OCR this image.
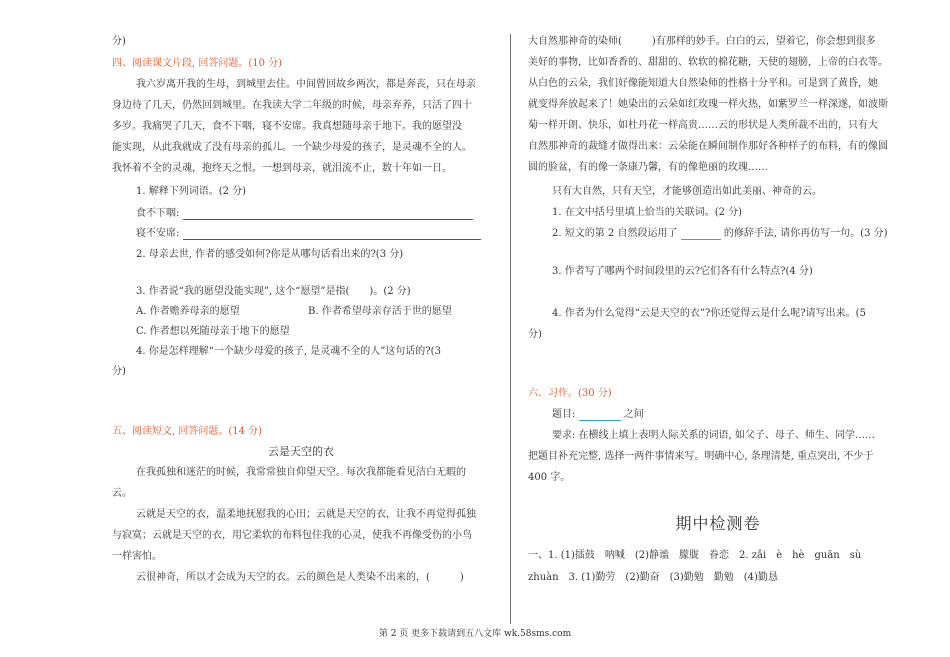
分)
四、阅读课文片段, 回答问题。(10 分)
我六岁离开我的生母，到城里去住。中间曾回故乡两次，都是奔丧，只在母亲
身边待了几天，仍然回到城里。在我读大学二年级的时候，母亲弃养，只活了四十
多岁。我痛哭了几天，食不下咽，寝不安席。我真想随母亲于地下。我的愿望没
能实现，从此我就成了没有母亲的孤儿。一个缺少母爱的孩子，是灵魂不全的人。
我怀着不全的灵魂，抱终天之恨。一想到母亲，就泪流不止，数十年如一日。
1. 解释下列词语。(2 分)
食不下咽:
寝不安席:
2. 母亲去世, 作者的感受如何?你是从哪句话看出来的?(3 分)
3. 作者说“我的愿望没能实现”, 这个“愿望”是指(　　)。(2 分)
A. 作者赡养母亲的愿望	B. 作者希望母亲存活于世的愿望
C. 作者想以死随母亲于地下的愿望
4. 你是怎样理解“一个缺少母爱的孩子, 是灵魂不全的人”这句话的?(3
分)
五、阅读短文, 回答问题。(14 分)
云是天空的衣
在我孤独和迷茫的时候，我常常独自仰望天空。每次我都能看见洁白无暇的
云。
云就是天空的衣，温柔地抚慰我的心田；云就是天空的衣，让我不再觉得孤独
与寂寞；云就是天空的衣，用它柔软的布料包住我的心灵，使我不再像受伤的小鸟
一样害怕。
云很神奇，所以才会成为天空的衣。云的颜色是人类染不出来的，(　　　)
大自然那神奇的染师(　　　)有那样的妙手。白白的云，望着它，你会想到很多
美好的事物，比如香香的、甜甜的、软软的棉花糖，天使的翅膀，上帝的白衣等。
从白色的云朵，我们好像能知道大自然染师的性格十分平和。可是到了黄昏，她
就变得奔放起来了！她染出的云朵如红玫瑰一样火热，如紫罗兰一样深遂，如波斯
菊一样开朗、快乐，如杜丹花一样高贵……云的形状是人类所裁不出的，只有大
自然那神奇的裁缝才做得出来：云朵能在瞬间制作那好各种样子的布料，有的像圆
圆的脸盆，有的像一条康乃馨，有的像艳丽的玫瑰……
只有大自然，只有天空，才能够创造出如此美丽、神奇的云。
1. 在文中括号里填上恰当的关联词。(2 分)
2. 短文的第 2 自然段运用了	的修辞手法, 请你再仿写一句。(3 分)
3. 作者写了哪两个时间段里的云?它们各有什么特点?(4 分)
4. 作者为什么觉得“云是天空的衣”?你还觉得云是什么呢?请写出来。(5
分)
六、习作。(30 分)
题目:	之间
要求: 在横线上填上表明人际关系的词语, 如父子、母子、师生、同学……
把题目补充完整, 选择一两件事情来写。明确中心, 条理清楚, 重点突出, 不少于
400 字。
期中检测卷
一、1. (1)擂鼓　呐喊　(2)静谧　朦胧　眷恋　2. zǎi　è　hè　guān　sù
zhuàn　3. (1)勤劳　(2)勤奋　(3)勤勉　勤勉　(4)勤恳
第 2 页 更多下载请到五八文库 wk.58sms.com
